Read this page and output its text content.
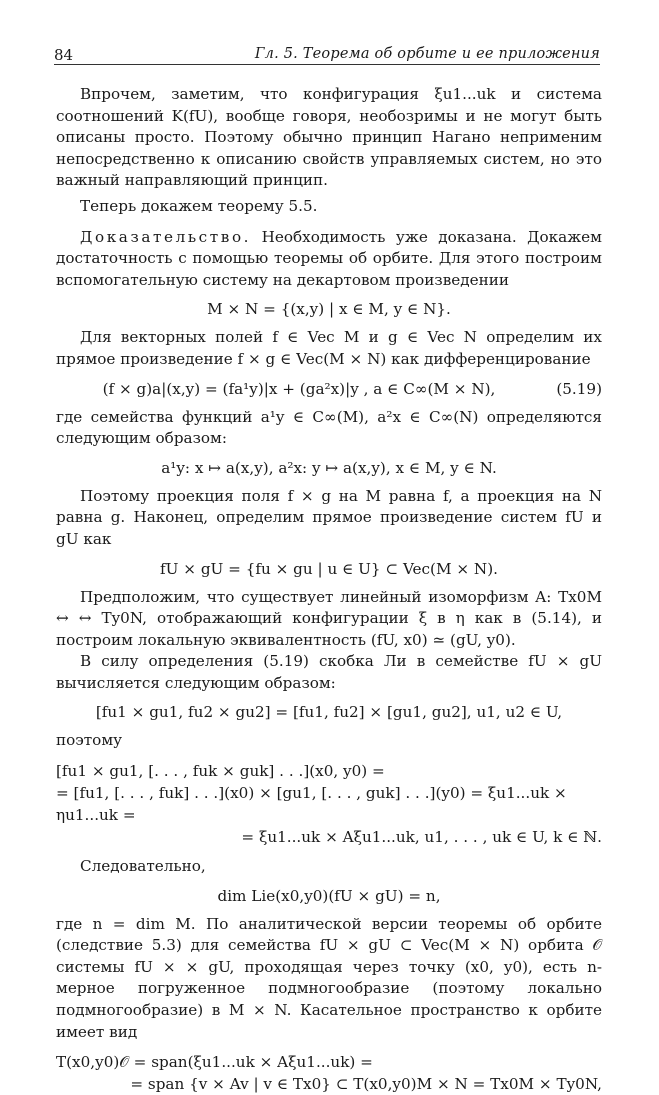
84	Гл. 5. Теорема об орбите и ее приложения

Впрочем, заметим, что конфигурация ξu1...uk и система соотношений K(fU), вообще говоря, необозримы и не могут быть описаны просто. Поэтому обычно принцип Нагано неприменим непосредственно к описанию свойств управляемых систем, но это важный направляющий принцип.

Теперь докажем теорему 5.5.

Доказательство. Необходимость уже доказана. Докажем достаточность с помощью теоремы об орбите. Для этого построим вспомогательную систему на декартовом произведении

M × N = {(x,y) | x ∈ M, y ∈ N}.

Для векторных полей f ∈ Vec M и g ∈ Vec N определим их прямое произведение f × g ∈ Vec(M × N) как дифференцирование

(f × g)a|(x,y) = (fa¹y)|x + (ga²x)|y , a ∈ C∞(M × N),	(5.19)

где семейства функций a¹y ∈ C∞(M), a²x ∈ C∞(N) определяются следующим образом:

a¹y: x ↦ a(x,y), a²x: y ↦ a(x,y), x ∈ M, y ∈ N.

Поэтому проекция поля f × g на M равна f, а проекция на N равна g. Наконец, определим прямое произведение систем fU и gU как

fU × gU = {fu × gu | u ∈ U} ⊂ Vec(M × N).

Предположим, что существует линейный изоморфизм A: Tx0M ↔ ↔ Ty0N, отображающий конфигурации ξ в η как в (5.14), и построим локальную эквивалентность (fU, x0) ≃ (gU, y0).

В силу определения (5.19) скобка Ли в семействе fU × gU вычисляется следующим образом:

[fu1 × gu1, fu2 × gu2] = [fu1, fu2] × [gu1, gu2], u1, u2 ∈ U,

поэтому

[fu1 × gu1, [. . . , fuk × guk] . . .](x0, y0) =
= [fu1, [. . . , fuk] . . .](x0) × [gu1, [. . . , guk] . . .](y0) = ξu1...uk × ηu1...uk =
= ξu1...uk × Aξu1...uk, u1, . . . , uk ∈ U, k ∈ ℕ.

Следовательно,

dim Lie(x0,y0)(fU × gU) = n,

где n = dim M. По аналитической версии теоремы об орбите (следствие 5.3) для семейства fU × gU ⊂ Vec(M × N) орбита 𝒪 системы fU × × gU, проходящая через точку (x0, y0), есть n-мерное погруженное подмногообразие (поэтому локально подмногообразие) в M × N. Касательное пространство к орбите имеет вид

T(x0,y0)𝒪 = span(ξu1...uk × Aξu1...uk) =
= span {v × Av | v ∈ Tx0} ⊂ T(x0,y0)M × N = Tx0M × Ty0N,
